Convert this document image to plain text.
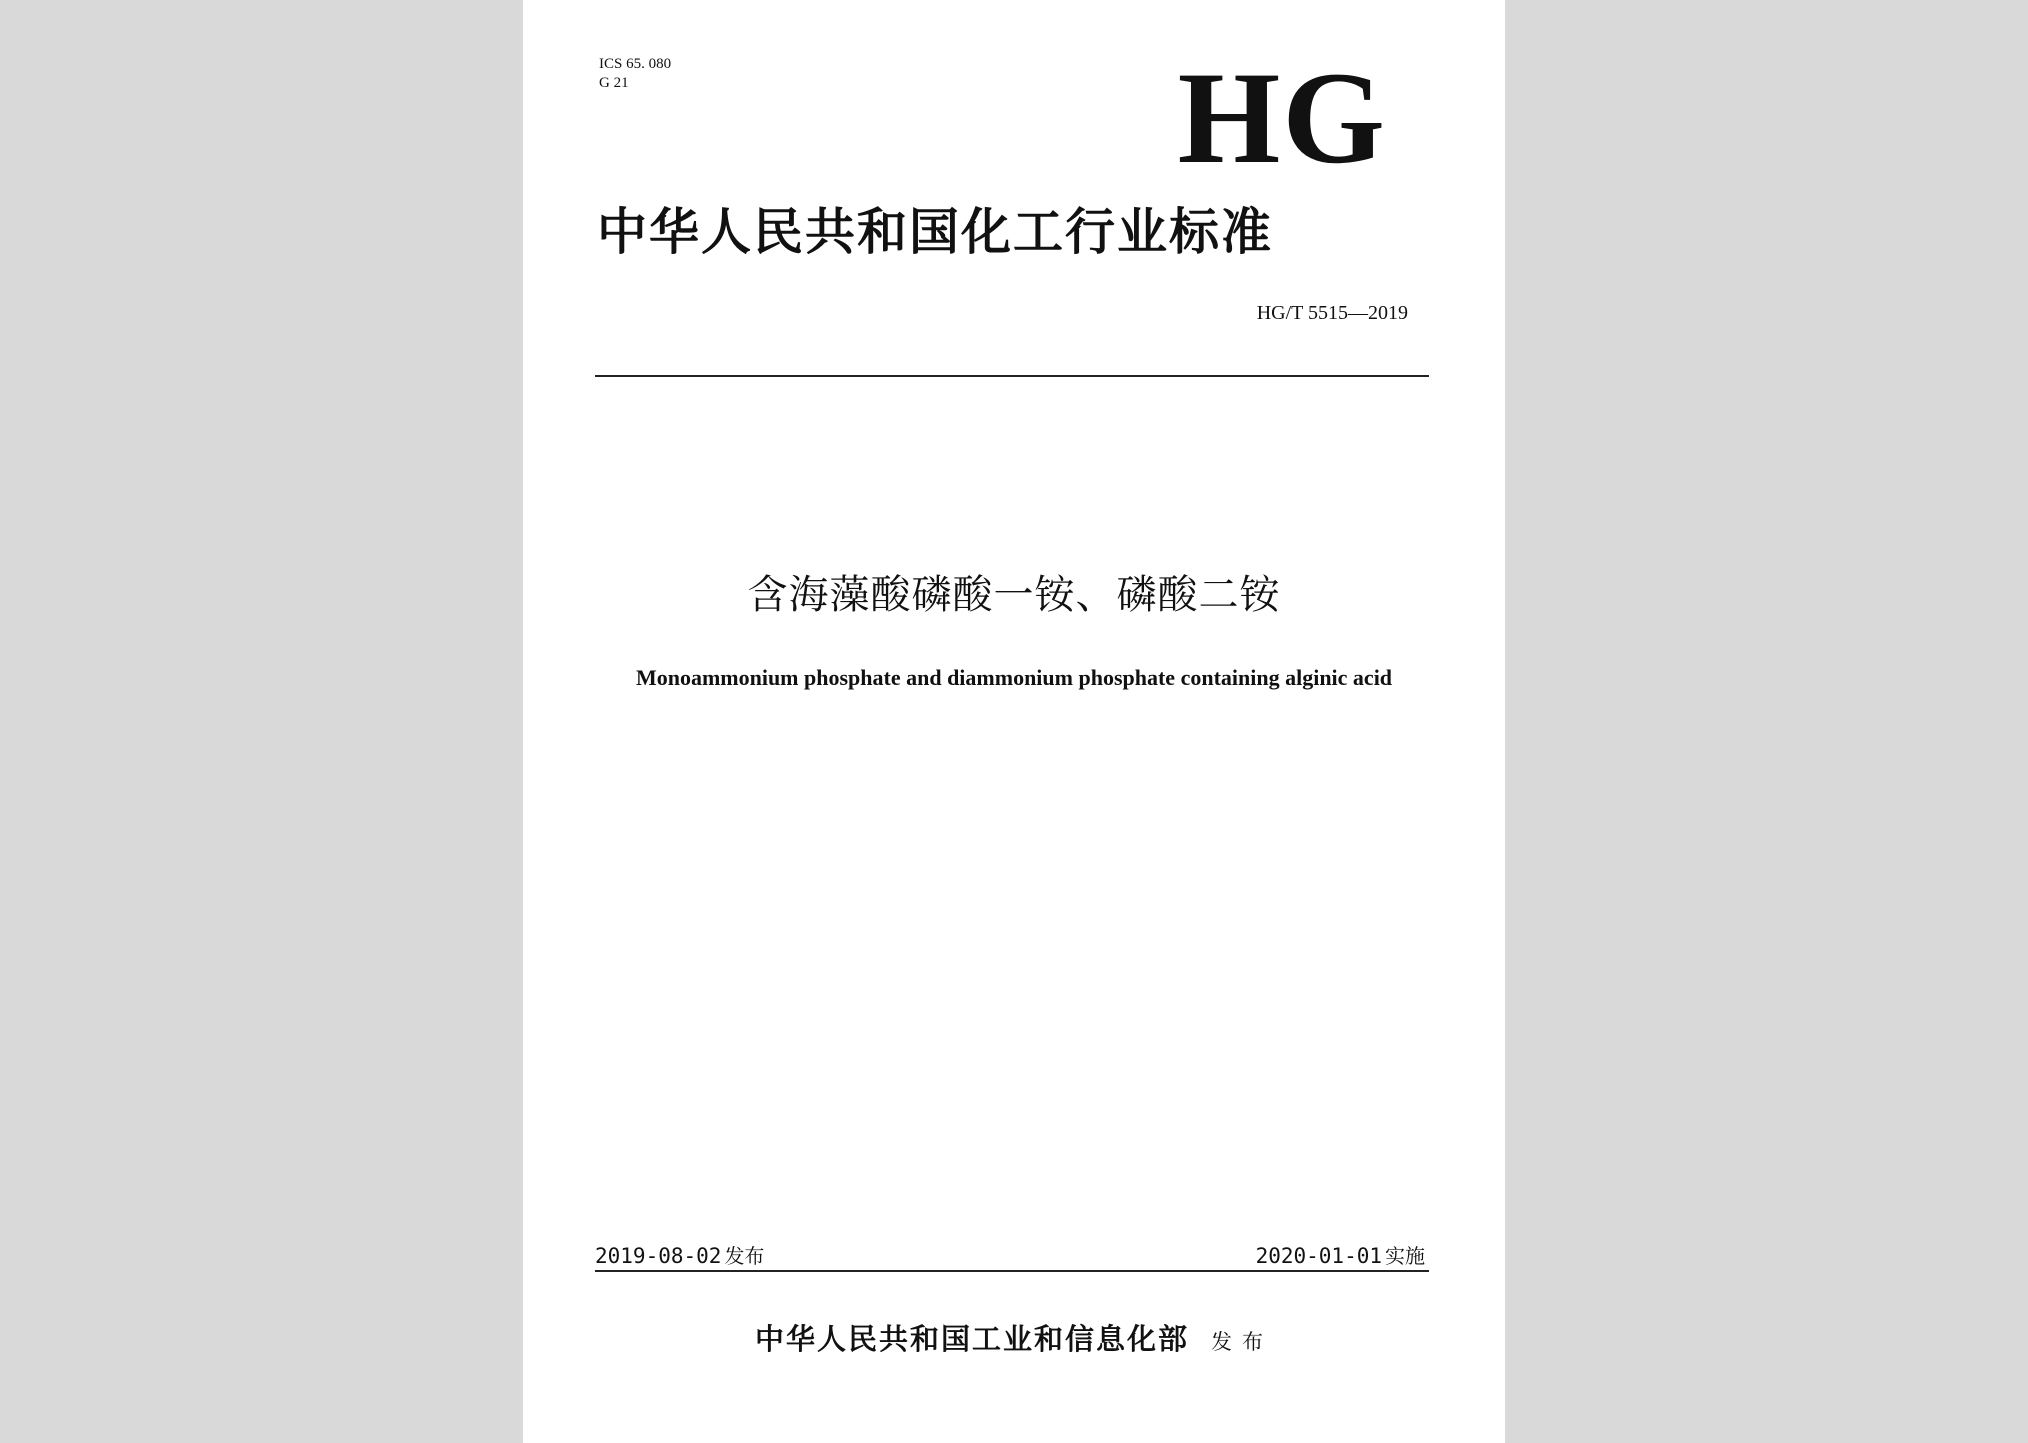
ICS 65. 080
G 21	HG
中华人民共和国化工行业标准
HG/T 5515—2019
含海藻酸磷酸一铵、磷酸二铵
Monoammonium phosphate and diammonium phosphate containing alginic acid
2019-08-02 发布	2020-01-01 实施
中华人民共和国工业和信息化部 发布
